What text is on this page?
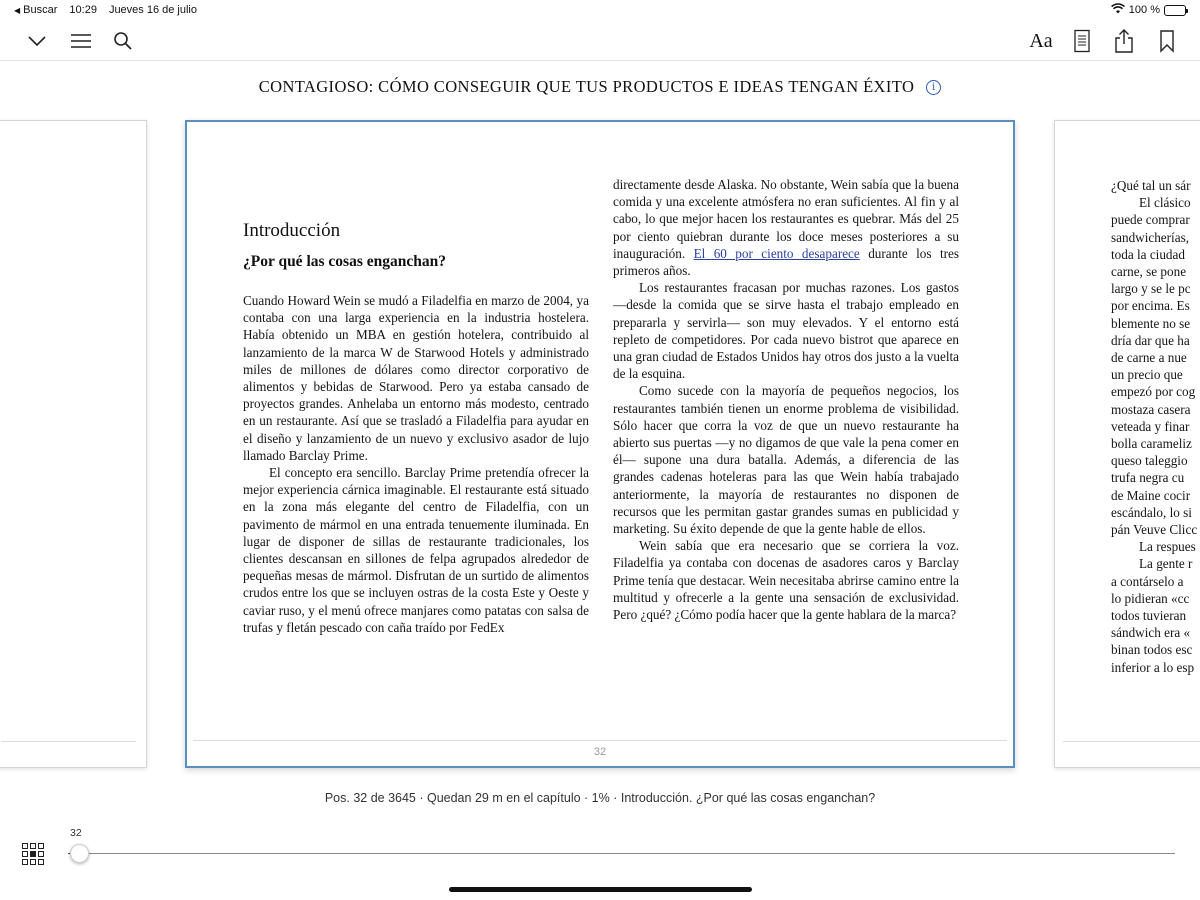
◀ Buscar 10:29 Jueves 16 de julio	100 %
Aa
CONTAGIOSO: CÓMO CONSEGUIR QUE TUS PRODUCTOS E IDEAS TENGAN ÉXITO i
Introducción
¿Por qué las cosas enganchan?

Cuando Howard Wein se mudó a Filadelfia en marzo de 2004, ya contaba con una larga experiencia en la industria hostelera. Había obtenido un MBA en gestión hotelera, contribuido al lanzamiento de la marca W de Starwood Hotels y administrado miles de millones de dólares como director corporativo de alimentos y bebidas de Starwood. Pero ya estaba cansado de proyectos grandes. Anhelaba un entorno más modesto, centrado en un restaurante. Así que se trasladó a Filadelfia para ayudar en el diseño y lanzamiento de un nuevo y exclusivo asador de lujo llamado Barclay Prime.

El concepto era sencillo. Barclay Prime pretendía ofrecer la mejor experiencia cárnica imaginable. El restaurante está situado en la zona más elegante del centro de Filadelfia, con un pavimento de mármol en una entrada tenuemente iluminada. En lugar de disponer de sillas de restaurante tradicionales, los clientes descansan en sillones de felpa agrupados alrededor de pequeñas mesas de mármol. Disfrutan de un surtido de alimentos crudos entre los que se incluyen ostras de la costa Este y Oeste y caviar ruso, y el menú ofrece manjares como patatas con salsa de trufas y fletán pescado con caña traído por FedEx

directamente desde Alaska. No obstante, Wein sabía que la buena comida y una excelente atmósfera no eran suficientes. Al fin y al cabo, lo que mejor hacen los restaurantes es quebrar. Más del 25 por ciento quiebran durante los doce meses posteriores a su inauguración. El 60 por ciento desaparece durante los tres primeros años.

Los restaurantes fracasan por muchas razones. Los gastos —desde la comida que se sirve hasta el trabajo empleado en prepararla y servirla— son muy elevados. Y el entorno está repleto de competidores. Por cada nuevo bistrot que aparece en una gran ciudad de Estados Unidos hay otros dos justo a la vuelta de la esquina.

Como sucede con la mayoría de pequeños negocios, los restaurantes también tienen un enorme problema de visibilidad. Sólo hacer que corra la voz de que un nuevo restaurante ha abierto sus puertas —y no digamos de que vale la pena comer en él— supone una dura batalla. Además, a diferencia de las grandes cadenas hoteleras para las que Wein había trabajado anteriormente, la mayoría de restaurantes no disponen de recursos que les permitan gastar grandes sumas en publicidad y marketing. Su éxito depende de que la gente hable de ellos.

Wein sabía que era necesario que se corriera la voz. Filadelfia ya contaba con docenas de asadores caros y Barclay Prime tenía que destacar. Wein necesitaba abrirse camino entre la multitud y ofrecerle a la gente una sensación de exclusividad. Pero ¿qué? ¿Cómo podía hacer que la gente hablara de la marca?

32
¿Qué tal un sár
El clásico
puede comprar
sandwicherías,
toda la ciudad
carne, se pone
largo y se le pc
por encima. Es
blemente no se
dría dar que ha
de carne a nue
un precio que
empezó por cog
mostaza casera
veteada y finar
bolla carameliz
queso taleggio
trufa negra cu
de Maine cocir
escándalo, lo si
pán Veuve Clicc
La respues
La gente r
a contárselo a
lo pidieran «cc
todos tuvieran
sándwich era «
binan todos esc
inferior a lo esp
Pos. 32 de 3645 · Quedan 29 m en el capítulo · 1% · Introducción. ¿Por qué las cosas enganchan?
32
